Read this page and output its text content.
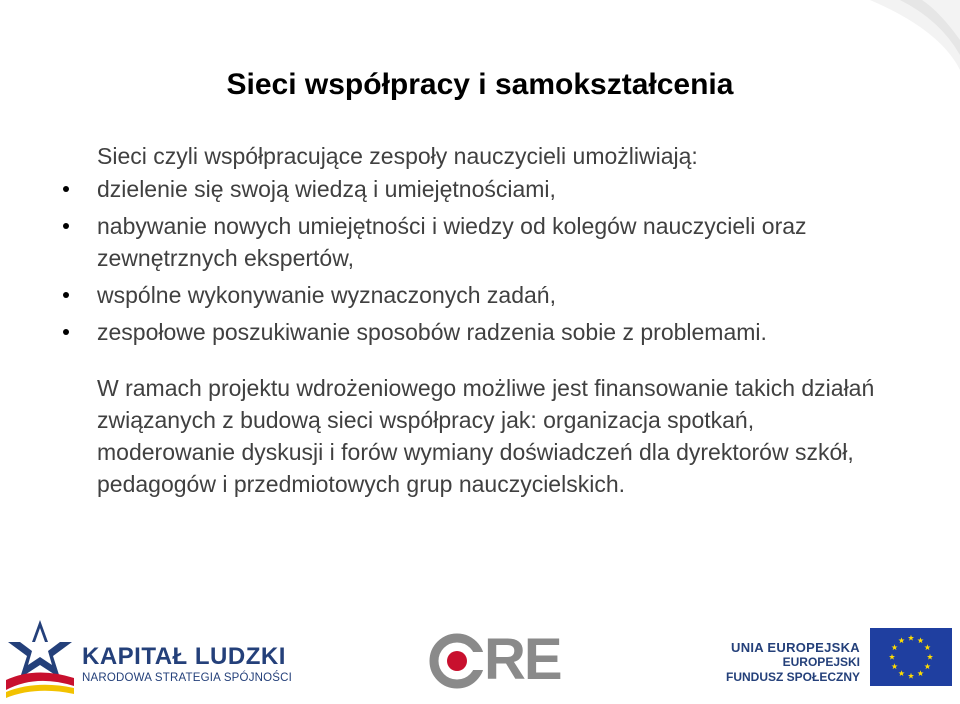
Sieci współpracy i samokształcenia
Sieci czyli współpracujące zespoły nauczycieli umożliwiają:
dzielenie się swoją wiedzą i umiejętnościami,
nabywanie nowych umiejętności i wiedzy od kolegów nauczycieli oraz zewnętrznych ekspertów,
wspólne wykonywanie wyznaczonych zadań,
zespołowe poszukiwanie sposobów radzenia sobie z problemami.
W ramach projektu wdrożeniowego możliwe jest finansowanie takich działań związanych z budową sieci współpracy jak: organizacja spotkań, moderowanie dyskusji i forów wymiany doświadczeń dla dyrektorów szkół, pedagogów i przedmiotowych grup nauczycielskich.
KAPITAŁ LUDZKI
NARODOWA STRATEGIA SPÓJNOŚCI	RE	UNIA EUROPEJSKA
EUROPEJSKI
FUNDUSZ SPOŁECZNY
